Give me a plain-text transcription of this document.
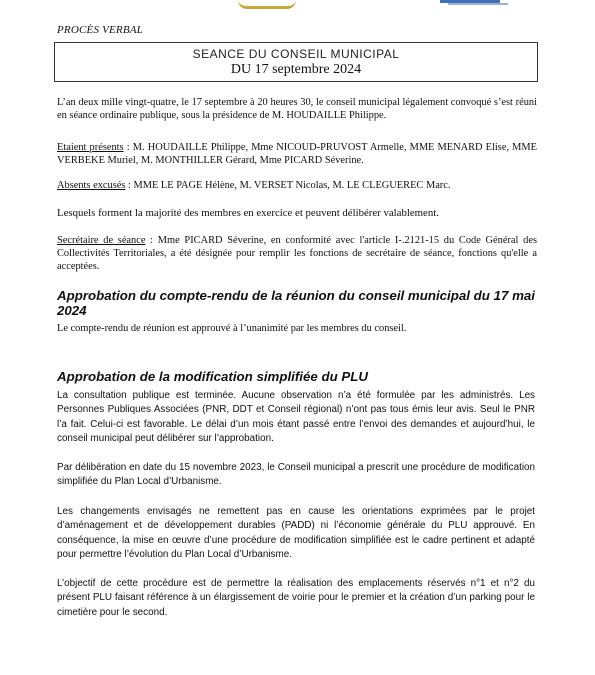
PROCÈS VERBAL
SEANCE DU CONSEIL MUNICIPAL
DU 17 septembre 2024
L’an deux mille vingt-quatre, le 17 septembre à 20 heures 30, le conseil municipal légalement convoqué s’est réuni en séance ordinaire publique, sous la présidence de M. HOUDAILLE Philippe.
Etaient présents : M. HOUDAILLE Philippe, Mme NICOUD-PRUVOST Armelle, MME MENARD Elise, MME VERBEKE Muriel, M. MONTHILLER Gérard, Mme PICARD Séverine.
Absents excusés : MME LE PAGE Hélène, M. VERSET Nicolas, M. LE CLEGUEREC Marc.
Lesquels forment la majorité des membres en exercice et peuvent délibérer valablement.
Secrétaire de séance : Mme PICARD Séverine, en conformité avec l'article I-.2121-15 du Code Général des Collectivités Territoriales, a été désignée pour remplir les fonctions de secrétaire de séance, fonctions qu'elle a acceptées.
Approbation du compte-rendu de la réunion du conseil municipal du 17 mai 2024
Le compte-rendu de réunion est approuvé à l’unanimité par les membres du conseil.
Approbation de la modification simplifiée du PLU
La consultation publique est terminée. Aucune observation n’a été formulée par les administrés. Les Personnes Publiques Associées (PNR, DDT et Conseil régional) n’ont pas tous émis leur avis. Seul le PNR l’a fait. Celui-ci est favorable. Le délai d’un mois étant passé entre l’envoi des demandes et aujourd’hui, le conseil municipal peut délibérer sur l’approbation.
Par délibération en date du 15 novembre 2023, le Conseil municipal a prescrit une procédure de modification simplifiée du Plan Local d’Urbanisme.
Les changements envisagés ne remettent pas en cause les orientations exprimées par le projet d’aménagement et de développement durables (PADD) ni l’économie générale du PLU approuvé. En conséquence, la mise en œuvre d’une procédure de modification simplifiée est le cadre pertinent et adapté pour permettre l’évolution du Plan Local d’Urbanisme.
L’objectif de cette procédure est de permettre la réalisation des emplacements réservés n°1 et n°2 du présent PLU faisant référence à un élargissement de voirie pour le premier et la création d’un parking pour le cimetière pour le second.
